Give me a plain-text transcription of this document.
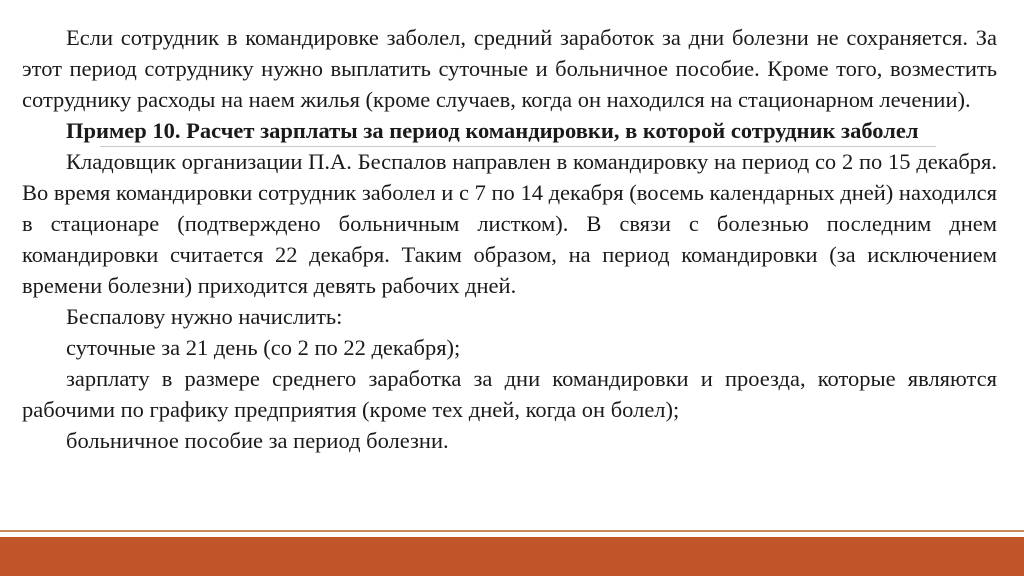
Если сотрудник в командировке заболел, средний заработок за дни болезни не сохраняется. За этот период сотруднику нужно выплатить суточные и больничное пособие. Кроме того, возместить сотруднику расходы на наем жилья (кроме случаев, когда он находился на стационарном лечении).

Пример 10. Расчет зарплаты за период командировки, в которой сотрудник заболел

Кладовщик организации П.А. Беспалов направлен в командировку на период со 2 по 15 декабря. Во время командировки сотрудник заболел и с 7 по 14 декабря (восемь календарных дней) находился в стационаре (подтверждено больничным листком). В связи с болезнью последним днем командировки считается 22 декабря. Таким образом, на период командировки (за исключением времени болезни) приходится девять рабочих дней.

Беспалову нужно начислить:

суточные за 21 день (со 2 по 22 декабря);

зарплату в размере среднего заработка за дни командировки и проезда, которые являются рабочими по графику предприятия (кроме тех дней, когда он болел);

больничное пособие за период болезни.
